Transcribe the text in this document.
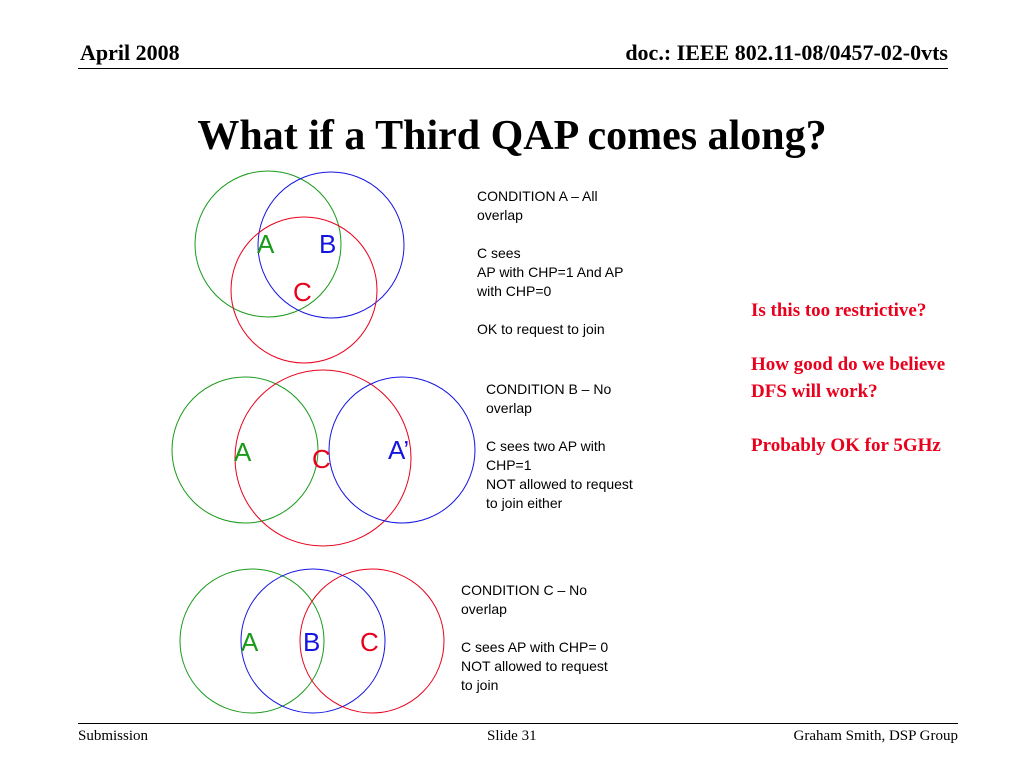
April 2008	doc.: IEEE 802.11-08/0457-02-0vts
What if a Third QAP comes along?
A B
C
A C A’
A B C
CONDITION A – All
overlap

C sees
AP with CHP=1 And AP
with CHP=0

OK to request to join
CONDITION B – No
overlap

C sees two AP with
CHP=1
NOT allowed to request
to join either
CONDITION C – No
overlap

C sees AP with CHP= 0
NOT allowed to request
to join
Is this too restrictive?

How good do we believe
DFS will work?

Probably OK for 5GHz
Submission	Slide 31	Graham Smith, DSP Group
